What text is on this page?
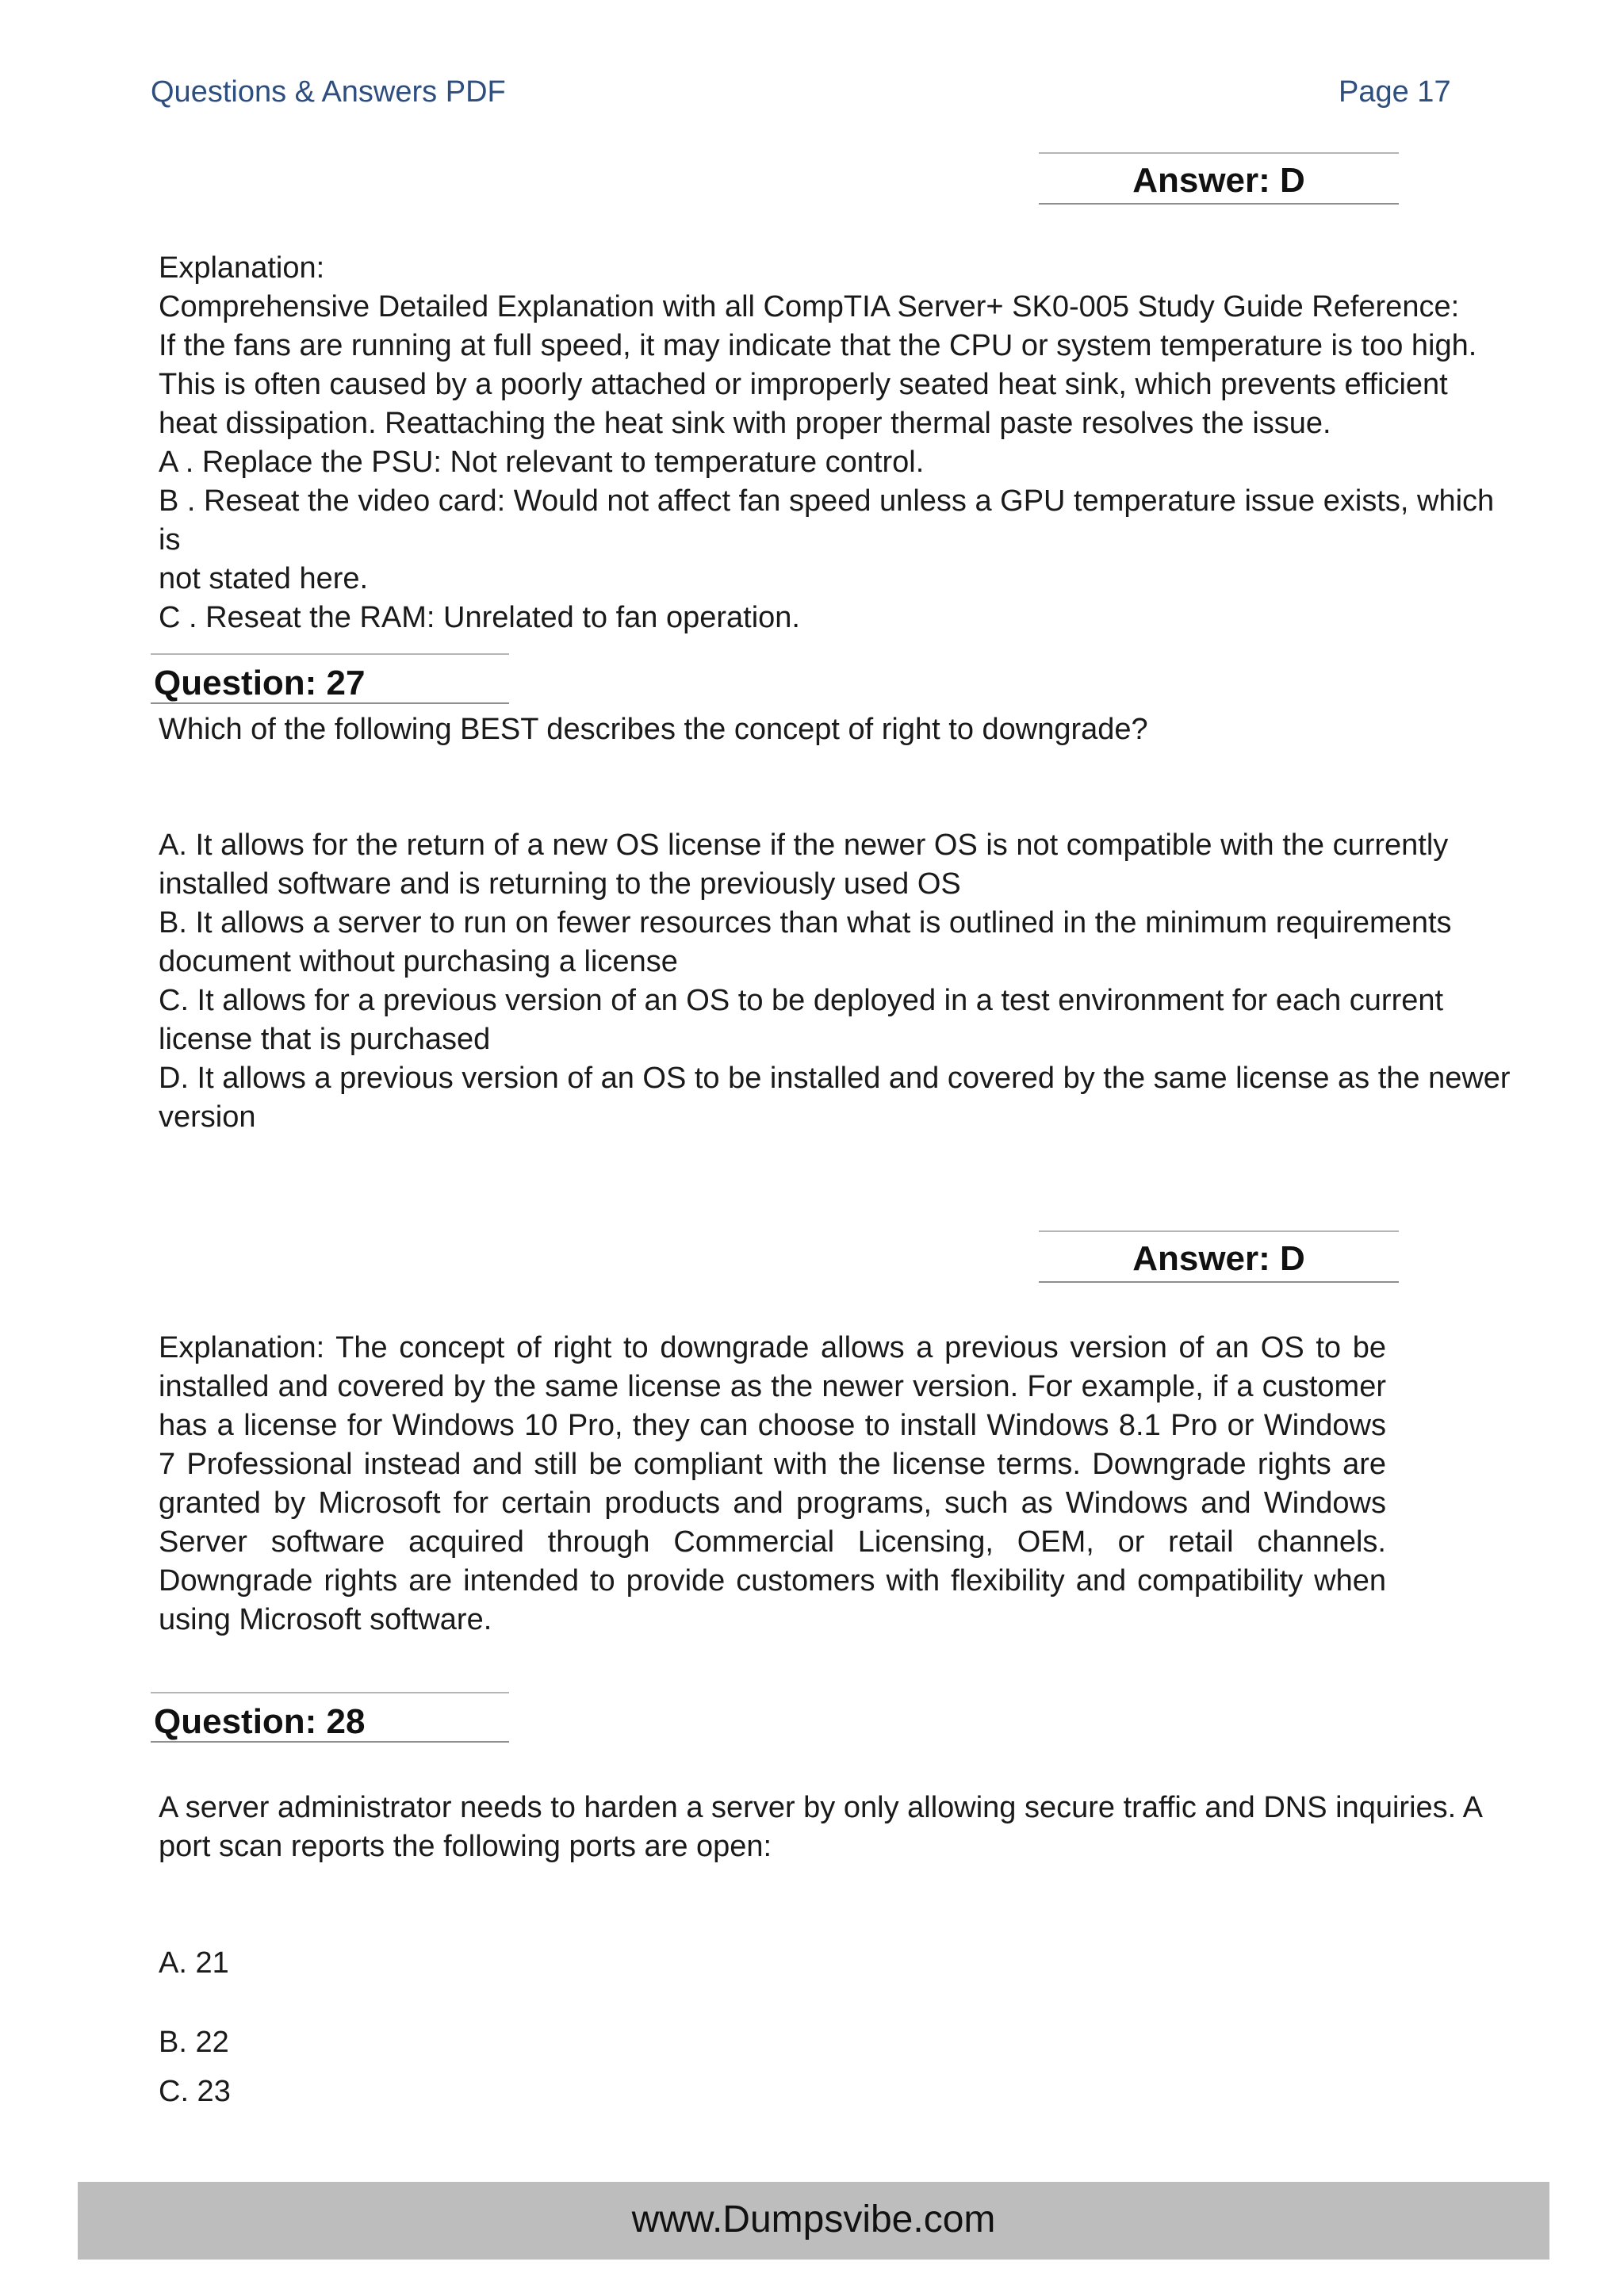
Questions & Answers PDF	Page 17
Answer: D

Explanation:

Comprehensive Detailed Explanation with all CompTIA Server+ SK0-005 Study Guide Reference:

If the fans are running at full speed, it may indicate that the CPU or system temperature is too high.

This is often caused by a poorly attached or improperly seated heat sink, which prevents efficient

heat dissipation. Reattaching the heat sink with proper thermal paste resolves the issue.

A . Replace the PSU: Not relevant to temperature control.

B . Reseat the video card: Would not affect fan speed unless a GPU temperature issue exists, which is

not stated here.

C . Reseat the RAM: Unrelated to fan operation.

Question: 27

Which of the following BEST describes the concept of right to downgrade?

A. It allows for the return of a new OS license if the newer OS is not compatible with the currently

installed software and is returning to the previously used OS

B. It allows a server to run on fewer resources than what is outlined in the minimum requirements

document without purchasing a license

C. It allows for a previous version of an OS to be deployed in a test environment for each current

license that is purchased

D. It allows a previous version of an OS to be installed and covered by the same license as the newer

version

Answer: D

Explanation: The concept of right to downgrade allows a previous version of an OS to be installed and covered by the same license as the newer version. For example, if a customer has a license for Windows 10 Pro, they can choose to install Windows 8.1 Pro or Windows 7 Professional instead and still be compliant with the license terms. Downgrade rights are granted by Microsoft for certain products and programs, such as Windows and Windows Server software acquired through Commercial Licensing, OEM, or retail channels. Downgrade rights are intended to provide customers with flexibility and compatibility when using Microsoft software.

Question: 28

A server administrator needs to harden a server by only allowing secure traffic and DNS inquiries. A

port scan reports the following ports are open:

A. 21
B. 22
C. 23
www.Dumpsvibe.com
